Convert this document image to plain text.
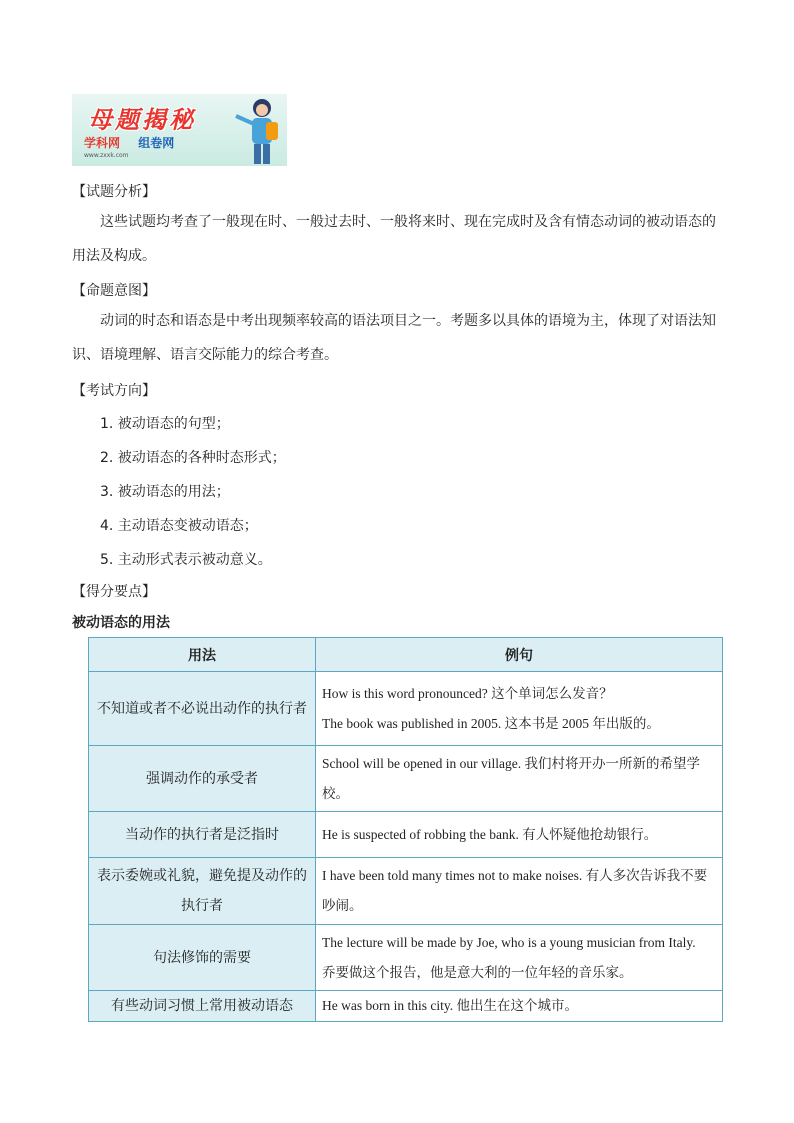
母题揭秘
学科网 组卷网
www.zxxk.com
【试题分析】
这些试题均考查了一般现在时、一般过去时、一般将来时、现在完成时及含有情态动词的被动语态的用法及构成。
【命题意图】
动词的时态和语态是中考出现频率较高的语法项目之一。考题多以具体的语境为主，体现了对语法知识、语境理解、语言交际能力的综合考查。
【考试方向】
1. 被动语态的句型；
2. 被动语态的各种时态形式；
3. 被动语态的用法；
4. 主动语态变被动语态；
5. 主动形式表示被动意义。
【得分要点】
被动语态的用法
用法	例句
不知道或者不必说出动作的执行者	How is this word pronounced? 这个单词怎么发音？
The book was published in 2005. 这本书是 2005 年出版的。

强调动作的承受者	School will be opened in our village. 我们村将开办一所新的希望学校。

当动作的执行者是泛指时	He is suspected of robbing the bank. 有人怀疑他抢劫银行。

表示委婉或礼貌，避免提及动作的执行者	I have been told many times not to make noises. 有人多次告诉我不要吵闹。

句法修饰的需要	The lecture will be made by Joe, who is a young musician from Italy.
乔要做这个报告，他是意大利的一位年轻的音乐家。

有些动词习惯上常用被动语态	He was born in this city. 他出生在这个城市。
